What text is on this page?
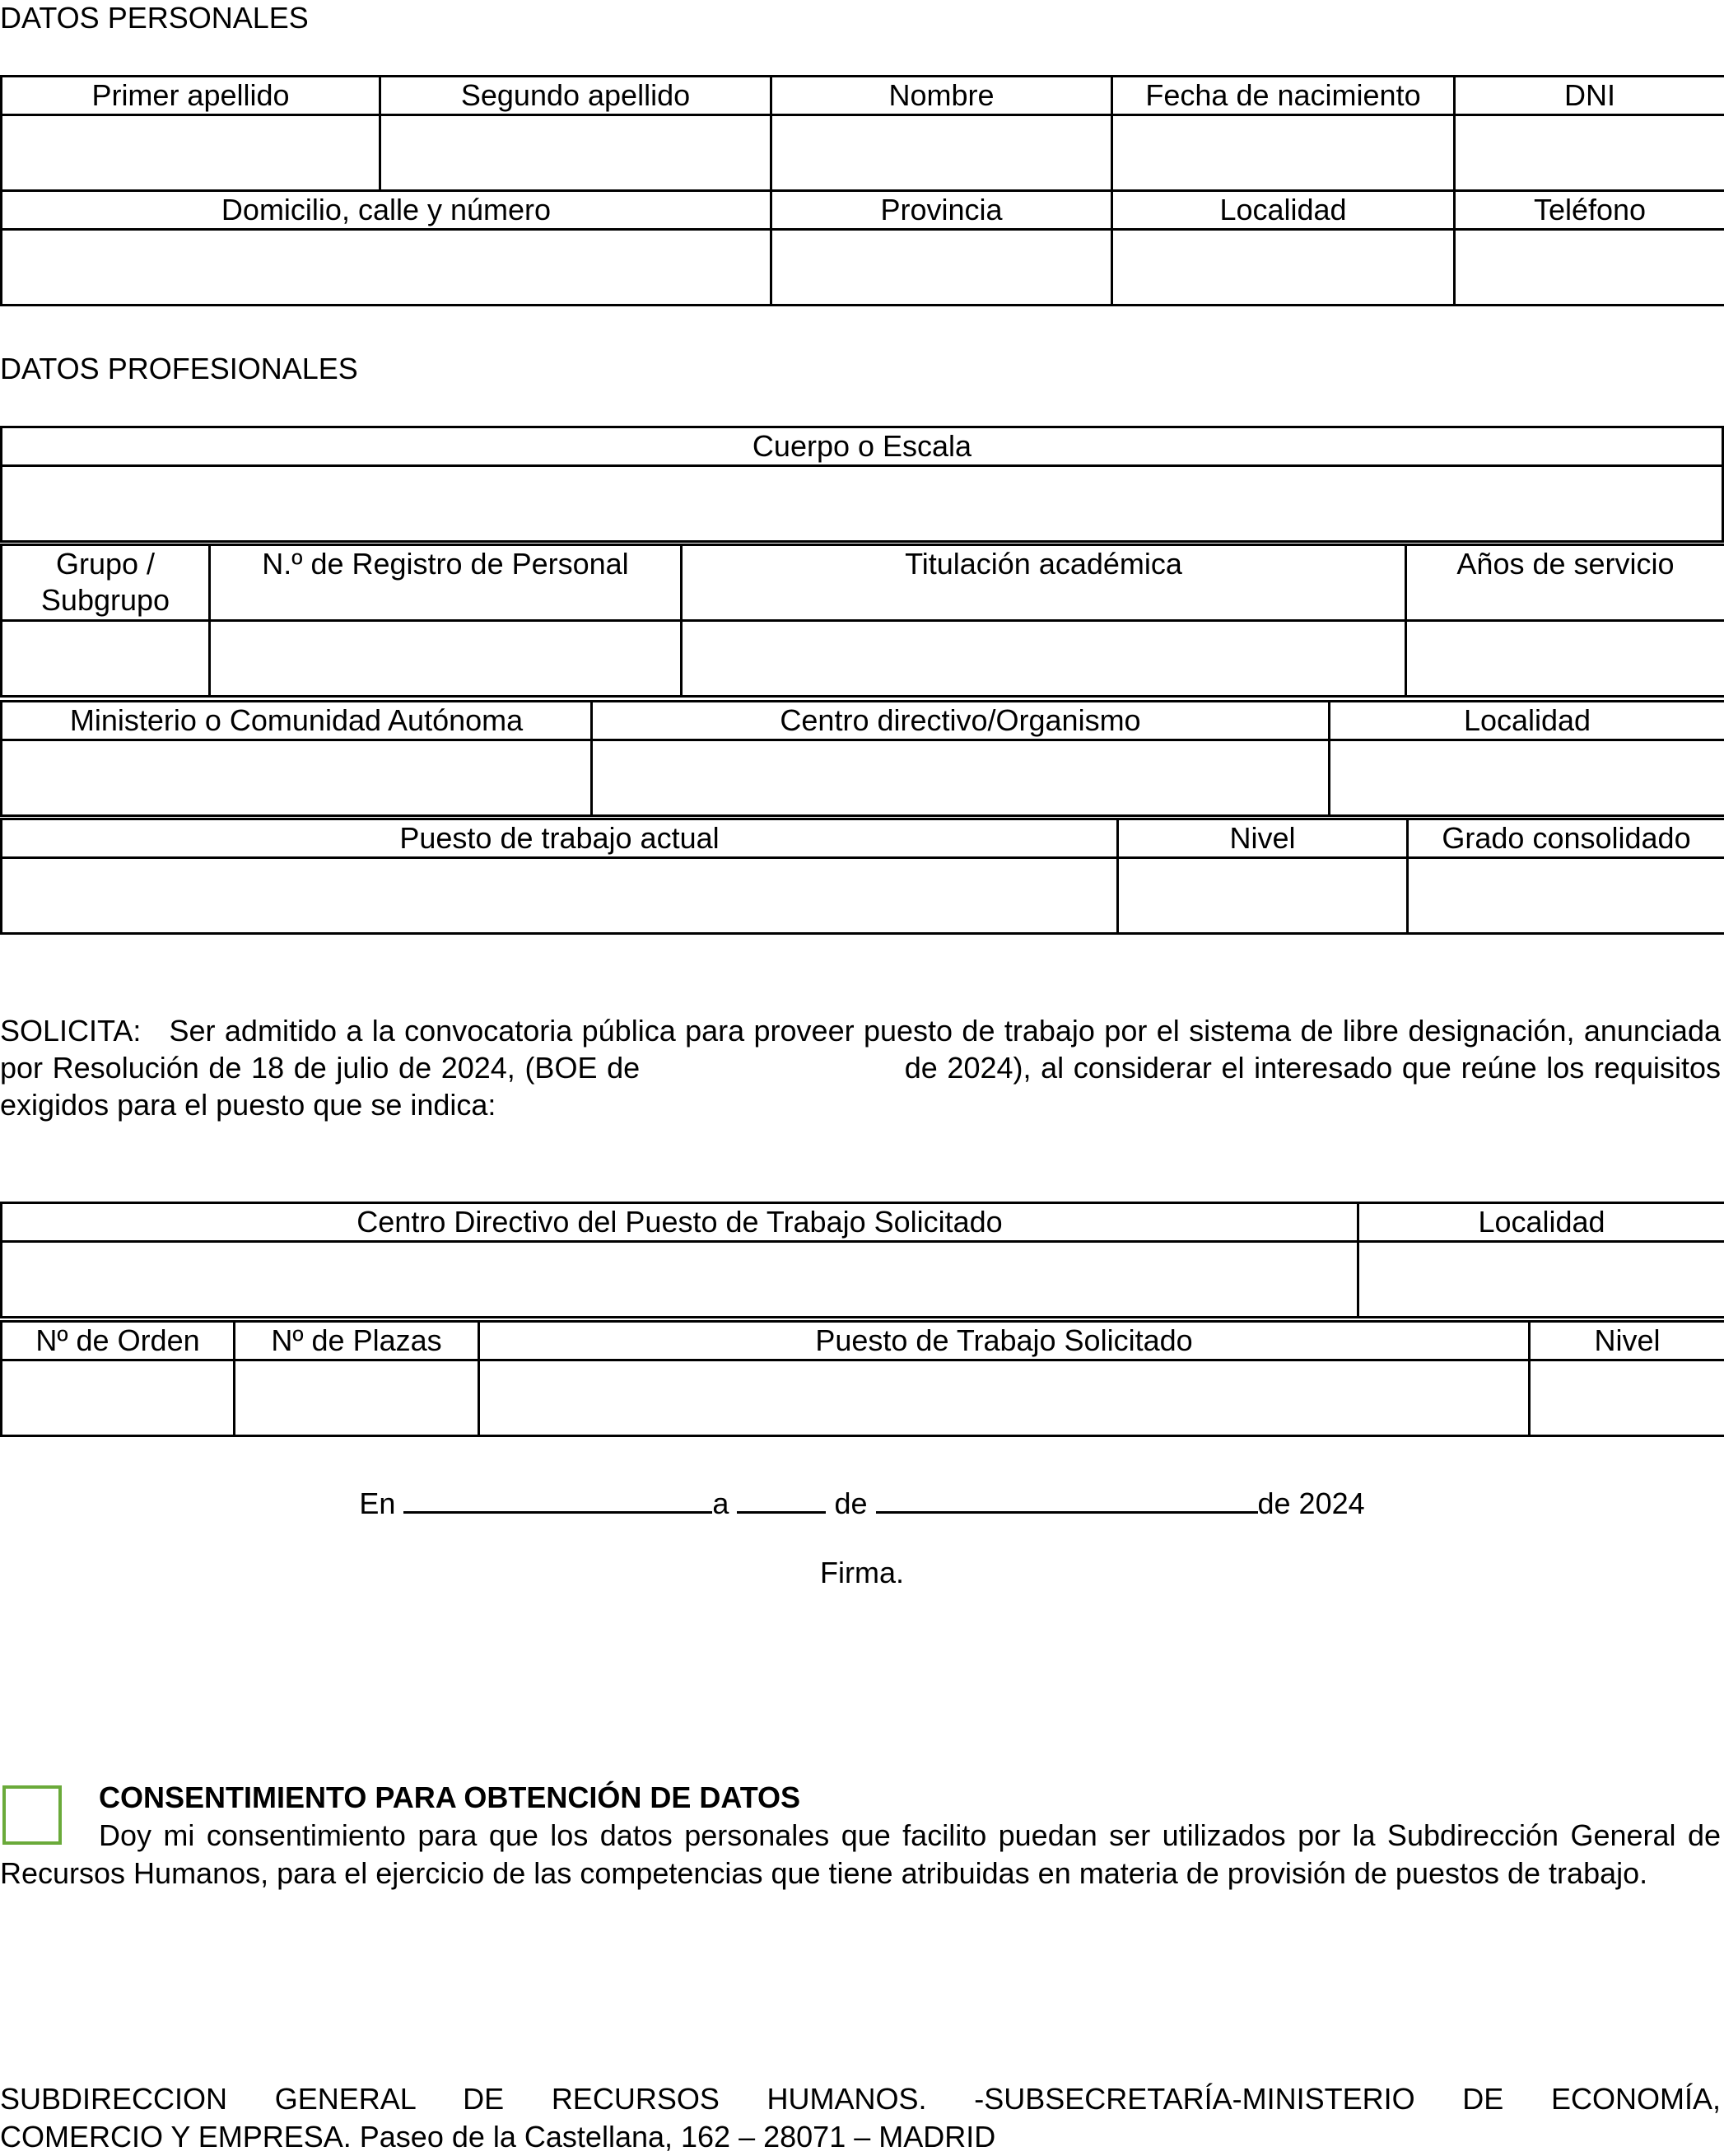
DATOS PERSONALES
Primer apellido	Segundo apellido	Nombre	Fecha de nacimiento	DNI

Domicilio, calle y número		Provincia	Localidad	Teléfono

DATOS PROFESIONALES
Cuerpo o Escala

Grupo / Subgrupo	N.º de Registro de Personal	Titulación académica	Años de servicio

Ministerio o Comunidad Autónoma	Centro directivo/Organismo	Localidad

Puesto de trabajo actual	Nivel	Grado consolidado

SOLICITA: Ser admitido a la convocatoria pública para proveer puesto de trabajo por el sistema de libre designación, anunciada por Resolución de 18 de julio de 2024, (BOE de	de 2024), al considerar el interesado que reúne los requisitos exigidos para el puesto que se indica:
Centro Directivo del Puesto de Trabajo Solicitado	Localidad

Nº de Orden	Nº de Plazas	Puesto de Trabajo Solicitado	Nivel

En	a	de	de 2024
Firma.
CONSENTIMIENTO PARA OBTENCIÓN DE DATOS
Doy mi consentimiento para que los datos personales que facilito puedan ser utilizados por la Subdirección General de Recursos Humanos, para el ejercicio de las competencias que tiene atribuidas en materia de provisión de puestos de trabajo.
SUBDIRECCION GENERAL DE RECURSOS HUMANOS. -SUBSECRETARÍA-MINISTERIO DE ECONOMÍA,
COMERCIO Y EMPRESA. Paseo de la Castellana, 162 – 28071 – MADRID
